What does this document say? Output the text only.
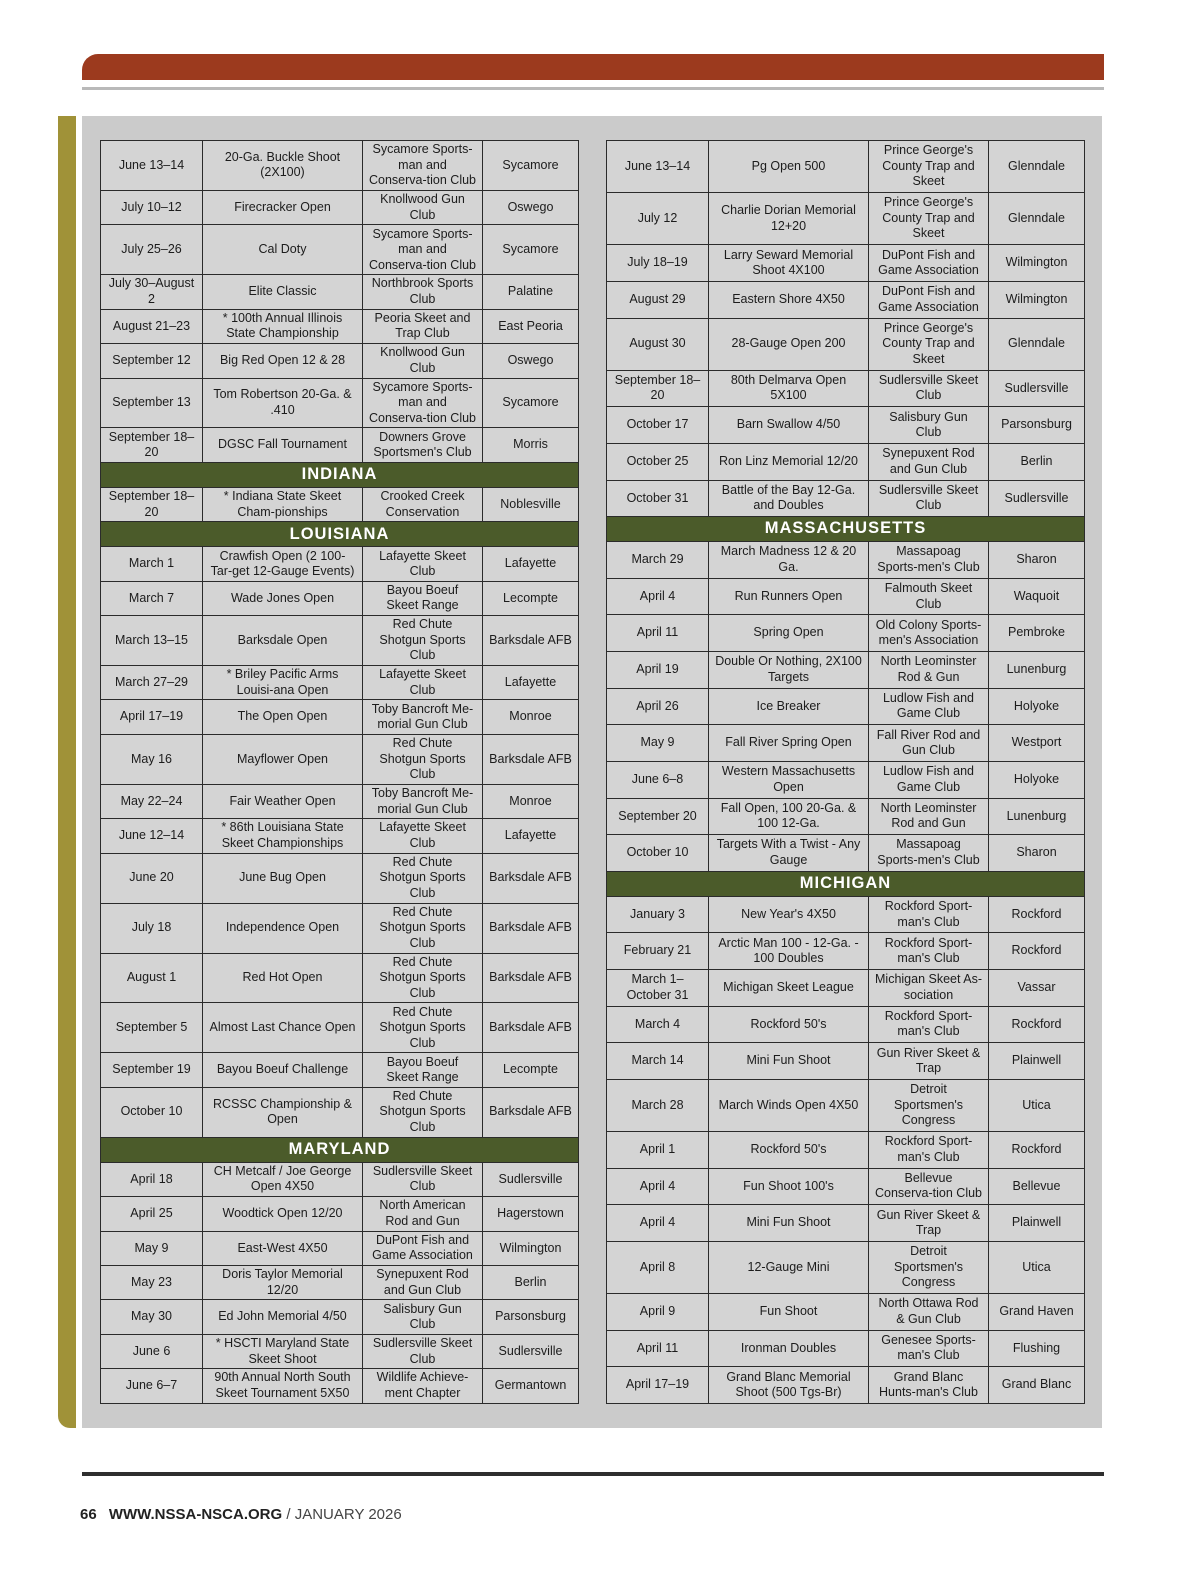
June 13–14	20-Ga. Buckle Shoot (2X100)	Sycamore Sports-man and Conserva-tion Club	Sycamore
July 10–12	Firecracker Open	Knollwood Gun Club	Oswego
July 25–26	Cal Doty	Sycamore Sports-man and Conserva-tion Club	Sycamore
July 30–August 2	Elite Classic	Northbrook Sports Club	Palatine
August 21–23	* 100th Annual Illinois State Championship	Peoria Skeet and Trap Club	East Peoria
September 12	Big Red Open 12 & 28	Knollwood Gun Club	Oswego
September 13	Tom Robertson 20-Ga. & .410	Sycamore Sports-man and Conserva-tion Club	Sycamore
September 18–20	DGSC Fall Tournament	Downers Grove Sportsmen's Club	Morris
INDIANA			
September 18–20	* Indiana State Skeet Cham-pionships	Crooked Creek Conservation	Noblesville
LOUISIANA			
March 1	Crawfish Open (2 100-Tar-get 12-Gauge Events)	Lafayette Skeet Club	Lafayette
March 7	Wade Jones Open	Bayou Boeuf Skeet Range	Lecompte
March 13–15	Barksdale Open	Red Chute Shotgun Sports Club	Barksdale AFB
March 27–29	* Briley Pacific Arms Louisi-ana Open	Lafayette Skeet Club	Lafayette
April 17–19	The Open Open	Toby Bancroft Me-morial Gun Club	Monroe
May 16	Mayflower Open	Red Chute Shotgun Sports Club	Barksdale AFB
May 22–24	Fair Weather Open	Toby Bancroft Me-morial Gun Club	Monroe
June 12–14	* 86th Louisiana State Skeet Championships	Lafayette Skeet Club	Lafayette
June 20	June Bug Open	Red Chute Shotgun Sports Club	Barksdale AFB
July 18	Independence Open	Red Chute Shotgun Sports Club	Barksdale AFB
August 1	Red Hot Open	Red Chute Shotgun Sports Club	Barksdale AFB
September 5	Almost Last Chance Open	Red Chute Shotgun Sports Club	Barksdale AFB
September 19	Bayou Boeuf Challenge	Bayou Boeuf Skeet Range	Lecompte
October 10	RCSSC Championship & Open	Red Chute Shotgun Sports Club	Barksdale AFB
MARYLAND			
April 18	CH Metcalf / Joe George Open 4X50	Sudlersville Skeet Club	Sudlersville
April 25	Woodtick Open 12/20	North American Rod and Gun	Hagerstown
May 9	East-West 4X50	DuPont Fish and Game Association	Wilmington
May 23	Doris Taylor Memorial 12/20	Synepuxent Rod and Gun Club	Berlin
May 30	Ed John Memorial 4/50	Salisbury Gun Club	Parsonsburg
June 6	* HSCTI Maryland State Skeet Shoot	Sudlersville Skeet Club	Sudlersville
June 6–7	90th Annual North South Skeet Tournament 5X50	Wildlife Achieve-ment Chapter	Germantown
June 13–14	Pg Open 500	Prince George's County Trap and Skeet	Glenndale
July 12	Charlie Dorian Memorial 12+20	Prince George's County Trap and Skeet	Glenndale
July 18–19	Larry Seward Memorial Shoot 4X100	DuPont Fish and Game Association	Wilmington
August 29	Eastern Shore 4X50	DuPont Fish and Game Association	Wilmington
August 30	28-Gauge Open 200	Prince George's County Trap and Skeet	Glenndale
September 18–20	80th Delmarva Open 5X100	Sudlersville Skeet Club	Sudlersville
October 17	Barn Swallow 4/50	Salisbury Gun Club	Parsonsburg
October 25	Ron Linz Memorial 12/20	Synepuxent Rod and Gun Club	Berlin
October 31	Battle of the Bay 12-Ga. and Doubles	Sudlersville Skeet Club	Sudlersville
MASSACHUSETTS			
March 29	March Madness 12 & 20 Ga.	Massapoag Sports-men's Club	Sharon
April 4	Run Runners Open	Falmouth Skeet Club	Waquoit
April 11	Spring Open	Old Colony Sports-men's Association	Pembroke
April 19	Double Or Nothing, 2X100 Targets	North Leominster Rod & Gun	Lunenburg
April 26	Ice Breaker	Ludlow Fish and Game Club	Holyoke
May 9	Fall River Spring Open	Fall River Rod and Gun Club	Westport
June 6–8	Western Massachusetts Open	Ludlow Fish and Game Club	Holyoke
September 20	Fall Open, 100 20-Ga. & 100 12-Ga.	North Leominster Rod and Gun	Lunenburg
October 10	Targets With a Twist - Any Gauge	Massapoag Sports-men's Club	Sharon
MICHIGAN			
January 3	New Year's 4X50	Rockford Sport-man's Club	Rockford
February 21	Arctic Man 100 - 12-Ga. - 100 Doubles	Rockford Sport-man's Club	Rockford
March 1–October 31	Michigan Skeet League	Michigan Skeet As-sociation	Vassar
March 4	Rockford 50's	Rockford Sport-man's Club	Rockford
March 14	Mini Fun Shoot	Gun River Skeet & Trap	Plainwell
March 28	March Winds Open 4X50	Detroit Sportsmen's Congress	Utica
April 1	Rockford 50's	Rockford Sport-man's Club	Rockford
April 4	Fun Shoot 100's	Bellevue Conserva-tion Club	Bellevue
April 4	Mini Fun Shoot	Gun River Skeet & Trap	Plainwell
April 8	12-Gauge Mini	Detroit Sportsmen's Congress	Utica
April 9	Fun Shoot	North Ottawa Rod & Gun Club	Grand Haven
April 11	Ironman Doubles	Genesee Sports-man's Club	Flushing
April 17–19	Grand Blanc Memorial Shoot (500 Tgs-Br)	Grand Blanc Hunts-man's Club	Grand Blanc
66 WWW.NSSA-NSCA.ORG / JANUARY 2026
